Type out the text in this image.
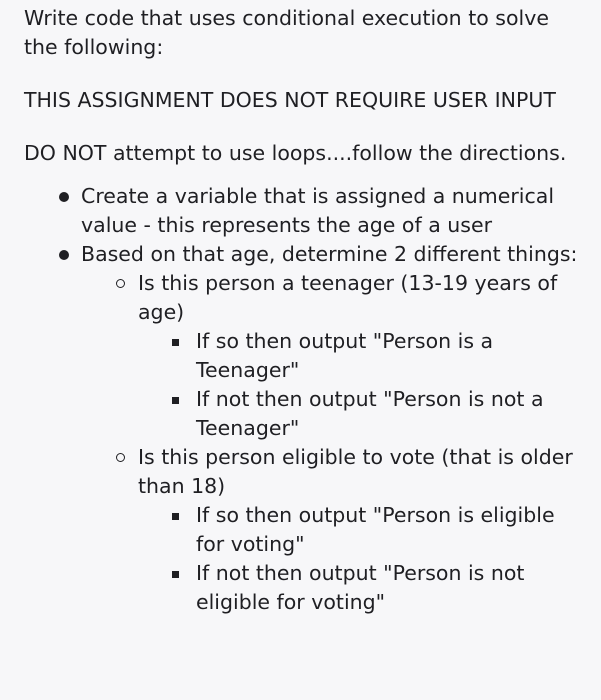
Write code that uses conditional execution to solve the following:

THIS ASSIGNMENT DOES NOT REQUIRE USER INPUT

DO NOT attempt to use loops....follow the directions.

Create a variable that is assigned a numerical value - this represents the age of a user
Based on that age, determine 2 different things:
Is this person a teenager (13-19 years of age)
If so then output "Person is a Teenager"
If not then output "Person is not a Teenager"
Is this person eligible to vote (that is older than 18)
If so then output "Person is eligible for voting"
If not then output "Person is not eligible for voting"
